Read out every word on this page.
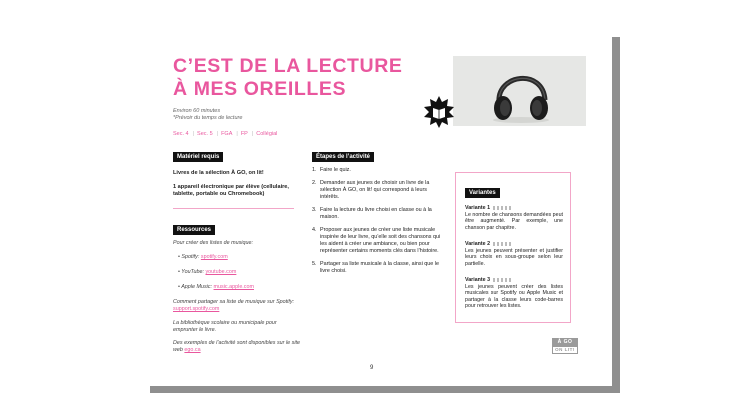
C’EST DE LA LECTURE
À MES OREILLES
Environ 60 minutes
*Prévoir du temps de lecture
Sec. 4 | Sec. 5 | FGA | FP | Collégial
Matériel requis
Livres de la sélection À GO, on lit!
1 appareil électronique par élève (cellulaire, tablette, portable ou Chromebook)
Ressources
Pour créer des listes de musique:
• Spotify: spotify.com
• YouTube: youtube.com
• Apple Music: music.apple.com
Comment partager sa liste de musique sur Spotify:
support.spotify.com
La bibliothèque scolaire ou municipale pour emprunter le livre.
Des exemples de l’activité sont disponibles sur le site web ego.ca
Étapes de l’activité
1. Faire le quiz.
2. Demander aux jeunes de choisir un livre de la sélection À GO, on lit! qui correspond à leurs intérêts.
3. Faire la lecture du livre choisi en classe ou à la maison.
4. Proposer aux jeunes de créer une liste musicale inspirée de leur livre, qu’elle soit des chansons qui les aident à créer une ambiance, ou bien pour représenter certains moments clés dans l’histoire.
5. Partager sa liste musicale à la classe, ainsi que le livre choisi.
Variantes
Variante 1
Le nombre de chansons demandées peut être augmenté. Par exemple, une chanson par chapitre.
Variante 2
Les jeunes peuvent présenter et justifier leurs choix en sous-groupe selon leur partielle.
Variante 3
Les jeunes peuvent créer des listes musicales sur Spotify ou Apple Music et partager à la classe leurs code-barres pour retrouver les listes.
À GO
ON LIT!
9
